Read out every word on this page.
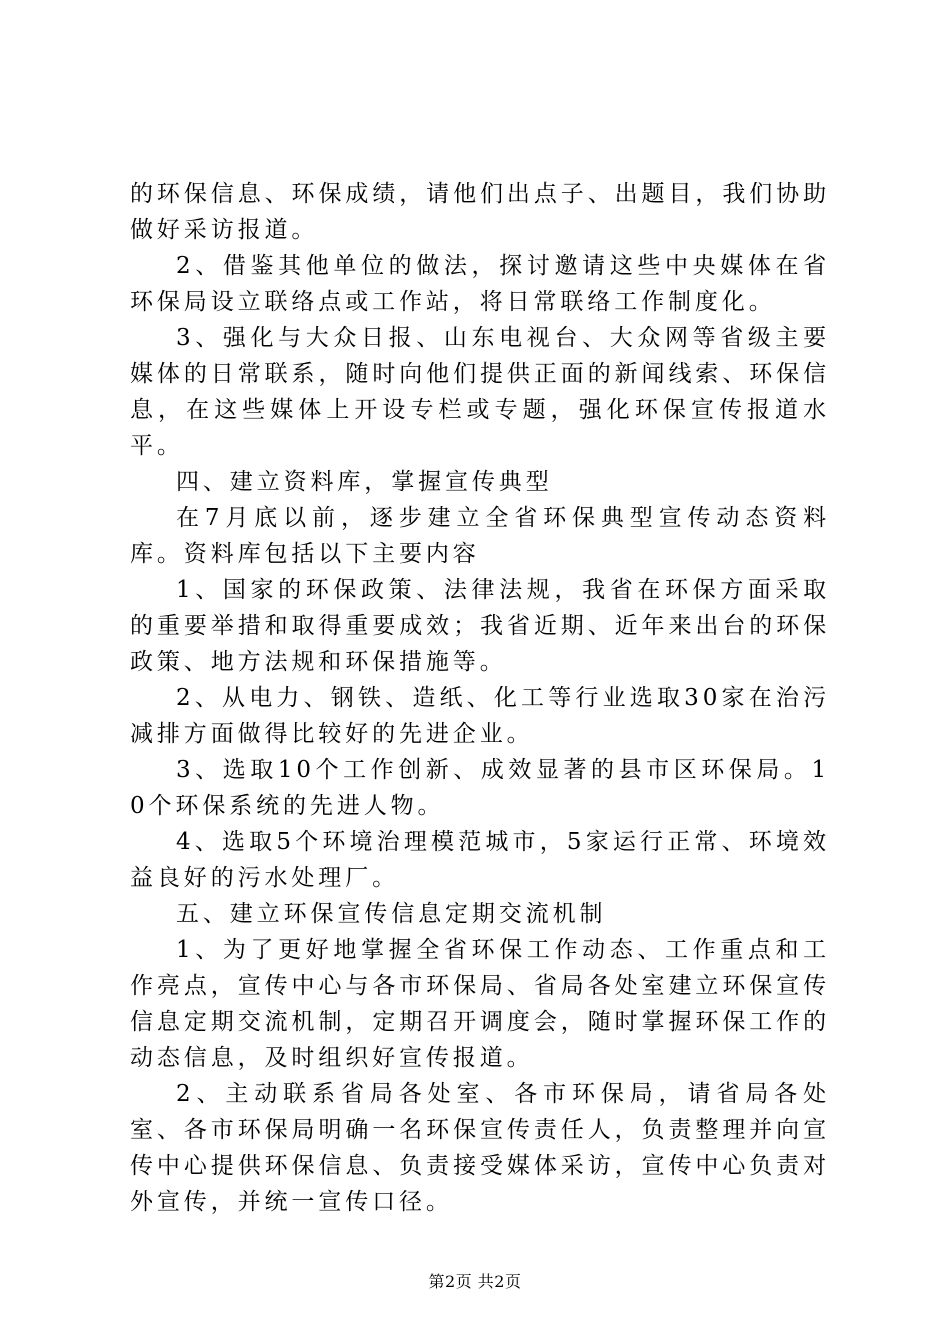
的环保信息、环保成绩，请他们出点子、出题目，我们协助做好采访报道。

2、借鉴其他单位的做法，探讨邀请这些中央媒体在省环保局设立联络点或工作站，将日常联络工作制度化。

3、强化与大众日报、山东电视台、大众网等省级主要媒体的日常联系，随时向他们提供正面的新闻线索、环保信息，在这些媒体上开设专栏或专题，强化环保宣传报道水平。

四、建立资料库，掌握宣传典型

在7月底以前，逐步建立全省环保典型宣传动态资料库。资料库包括以下主要内容

1、国家的环保政策、法律法规，我省在环保方面采取的重要举措和取得重要成效；我省近期、近年来出台的环保政策、地方法规和环保措施等。

2、从电力、钢铁、造纸、化工等行业选取30家在治污减排方面做得比较好的先进企业。

3、选取10个工作创新、成效显著的县市区环保局。10个环保系统的先进人物。

4、选取5个环境治理模范城市，5家运行正常、环境效益良好的污水处理厂。

五、建立环保宣传信息定期交流机制

1、为了更好地掌握全省环保工作动态、工作重点和工作亮点，宣传中心与各市环保局、省局各处室建立环保宣传信息定期交流机制，定期召开调度会，随时掌握环保工作的动态信息，及时组织好宣传报道。

2、主动联系省局各处室、各市环保局，请省局各处室、各市环保局明确一名环保宣传责任人，负责整理并向宣传中心提供环保信息、负责接受媒体采访，宣传中心负责对外宣传，并统一宣传口径。

第2页 共2页
